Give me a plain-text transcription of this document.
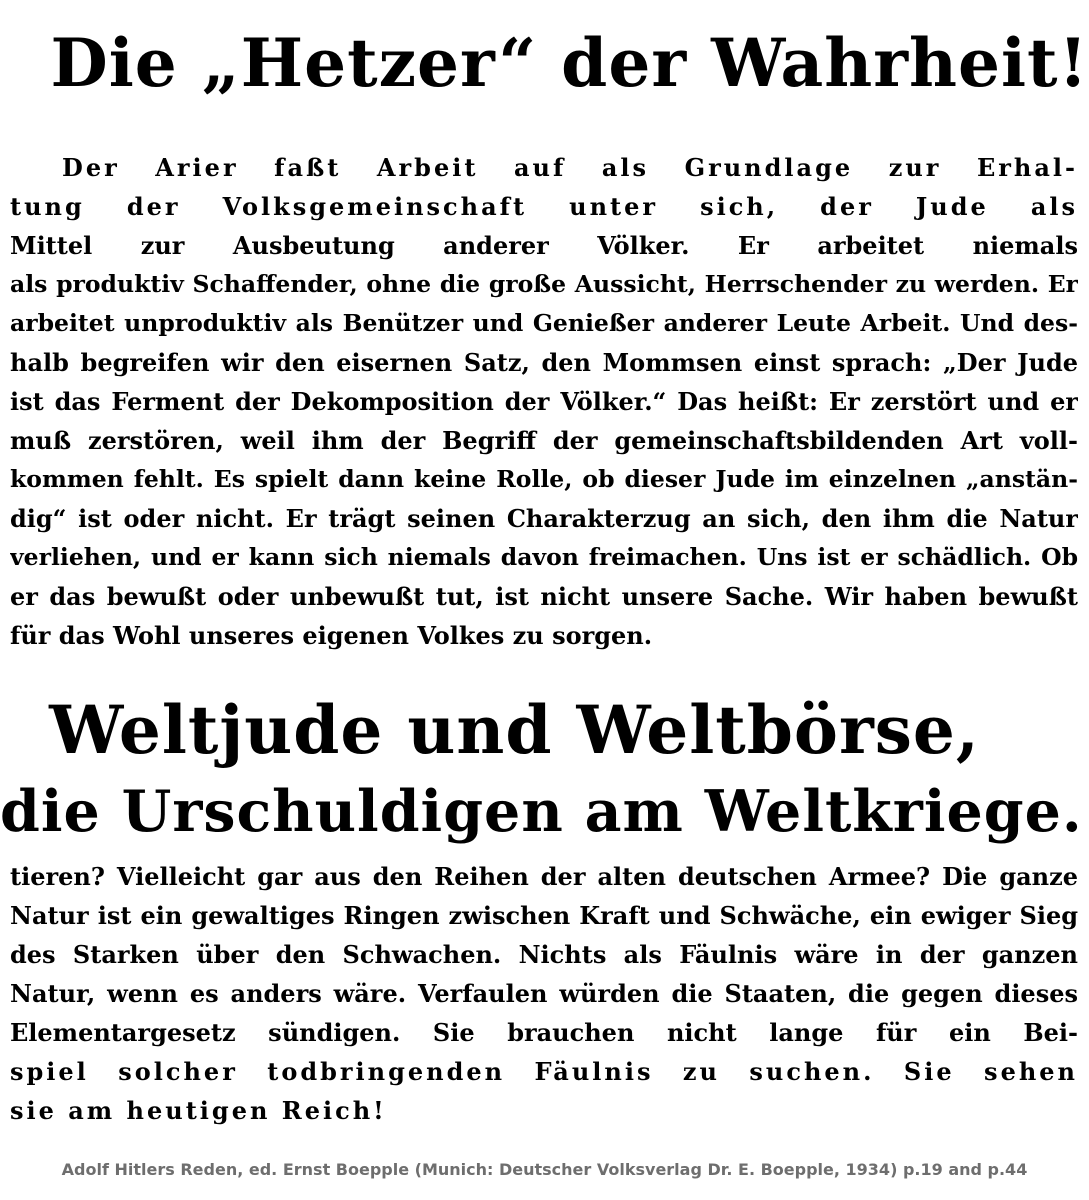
Die „Hetzer“ der Wahrheit!
Der Arier faßt Arbeit auf als Grundlage zur Erhal-
tung der Volksgemeinschaft unter sich, der Jude als
Mittel zur Ausbeutung anderer Völker. Er arbeitet niemals
als produktiv Schaffender, ohne die große Aussicht, Herrschender zu werden. Er
arbeitet unproduktiv als Benützer und Genießer anderer Leute Arbeit. Und des-
halb begreifen wir den eisernen Satz, den Mommsen einst sprach: „Der Jude
ist das Ferment der Dekomposition der Völker.“ Das heißt: Er zerstört und er
muß zerstören, weil ihm der Begriff der gemeinschaftsbildenden Art voll-
kommen fehlt. Es spielt dann keine Rolle, ob dieser Jude im einzelnen „anstän-
dig“ ist oder nicht. Er trägt seinen Charakterzug an sich, den ihm die Natur
verliehen, und er kann sich niemals davon freimachen. Uns ist er schädlich. Ob
er das bewußt oder unbewußt tut, ist nicht unsere Sache. Wir haben bewußt
für das Wohl unseres eigenen Volkes zu sorgen.
Weltjude und Weltbörse,
die Urschuldigen am Weltkriege.
tieren? Vielleicht gar aus den Reihen der alten deutschen Armee? Die ganze
Natur ist ein gewaltiges Ringen zwischen Kraft und Schwäche, ein ewiger Sieg
des Starken über den Schwachen. Nichts als Fäulnis wäre in der ganzen
Natur, wenn es anders wäre. Verfaulen würden die Staaten, die gegen dieses
Elementargesetz sündigen. Sie brauchen nicht lange für ein Bei-
spiel solcher todbringenden Fäulnis zu suchen. Sie sehen
sie am heutigen Reich!
Adolf Hitlers Reden, ed. Ernst Boepple (Munich: Deutscher Volksverlag Dr. E. Boepple, 1934) p.19 and p.44
